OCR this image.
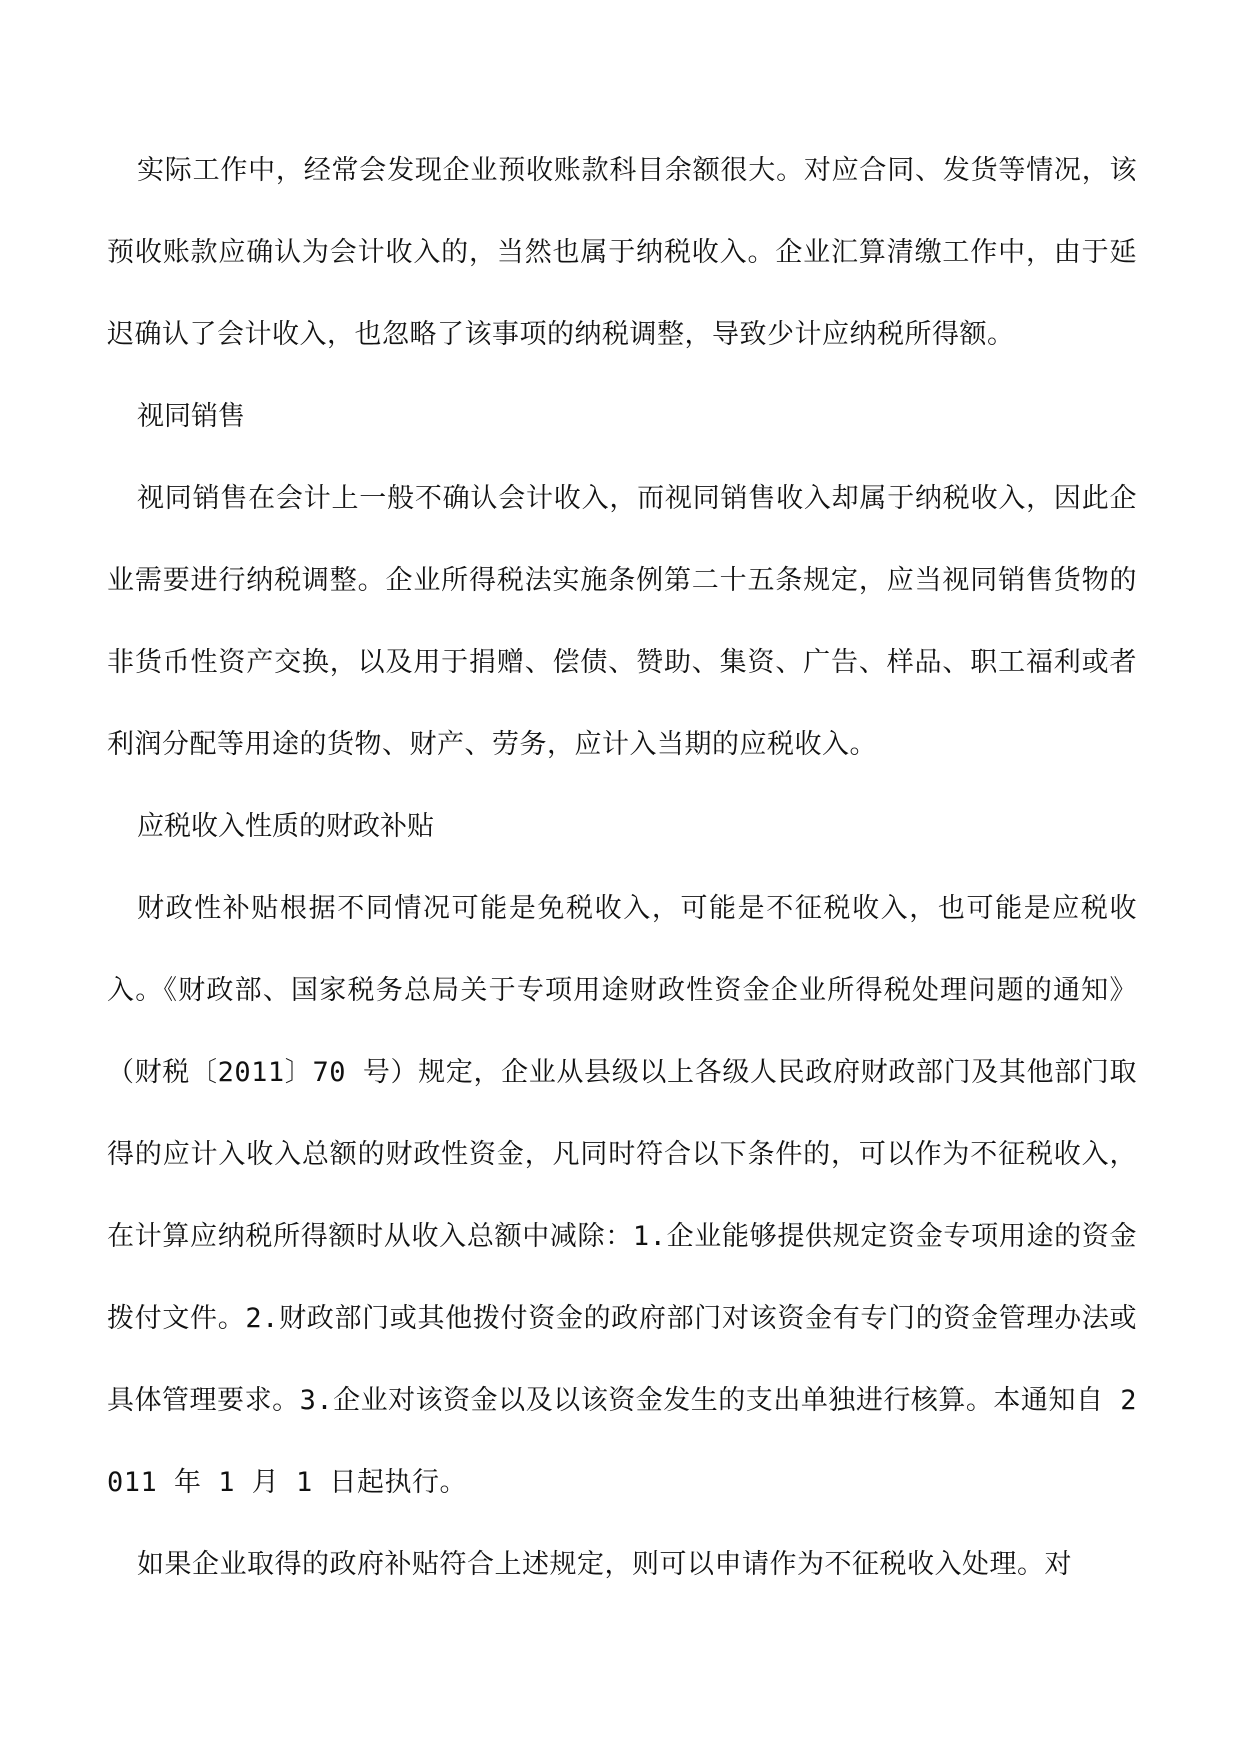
实际工作中，经常会发现企业预收账款科目余额很大。对应合同、发货等情况，该预收账款应确认为会计收入的，当然也属于纳税收入。企业汇算清缴工作中，由于延迟确认了会计收入，也忽略了该事项的纳税调整，导致少计应纳税所得额。

视同销售

视同销售在会计上一般不确认会计收入，而视同销售收入却属于纳税收入，因此企业需要进行纳税调整。企业所得税法实施条例第二十五条规定，应当视同销售货物的非货币性资产交换，以及用于捐赠、偿债、赞助、集资、广告、样品、职工福利或者利润分配等用途的货物、财产、劳务，应计入当期的应税收入。

应税收入性质的财政补贴

财政性补贴根据不同情况可能是免税收入，可能是不征税收入，也可能是应税收入。《财政部、国家税务总局关于专项用途财政性资金企业所得税处理问题的通知》（财税〔2011〕70 号）规定，企业从县级以上各级人民政府财政部门及其他部门取得的应计入收入总额的财政性资金，凡同时符合以下条件的，可以作为不征税收入，在计算应纳税所得额时从收入总额中减除：1.企业能够提供规定资金专项用途的资金拨付文件。2.财政部门或其他拨付资金的政府部门对该资金有专门的资金管理办法或具体管理要求。3.企业对该资金以及以该资金发生的支出单独进行核算。本通知自 2011 年 1 月 1 日起执行。

如果企业取得的政府补贴符合上述规定，则可以申请作为不征税收入处理。对
